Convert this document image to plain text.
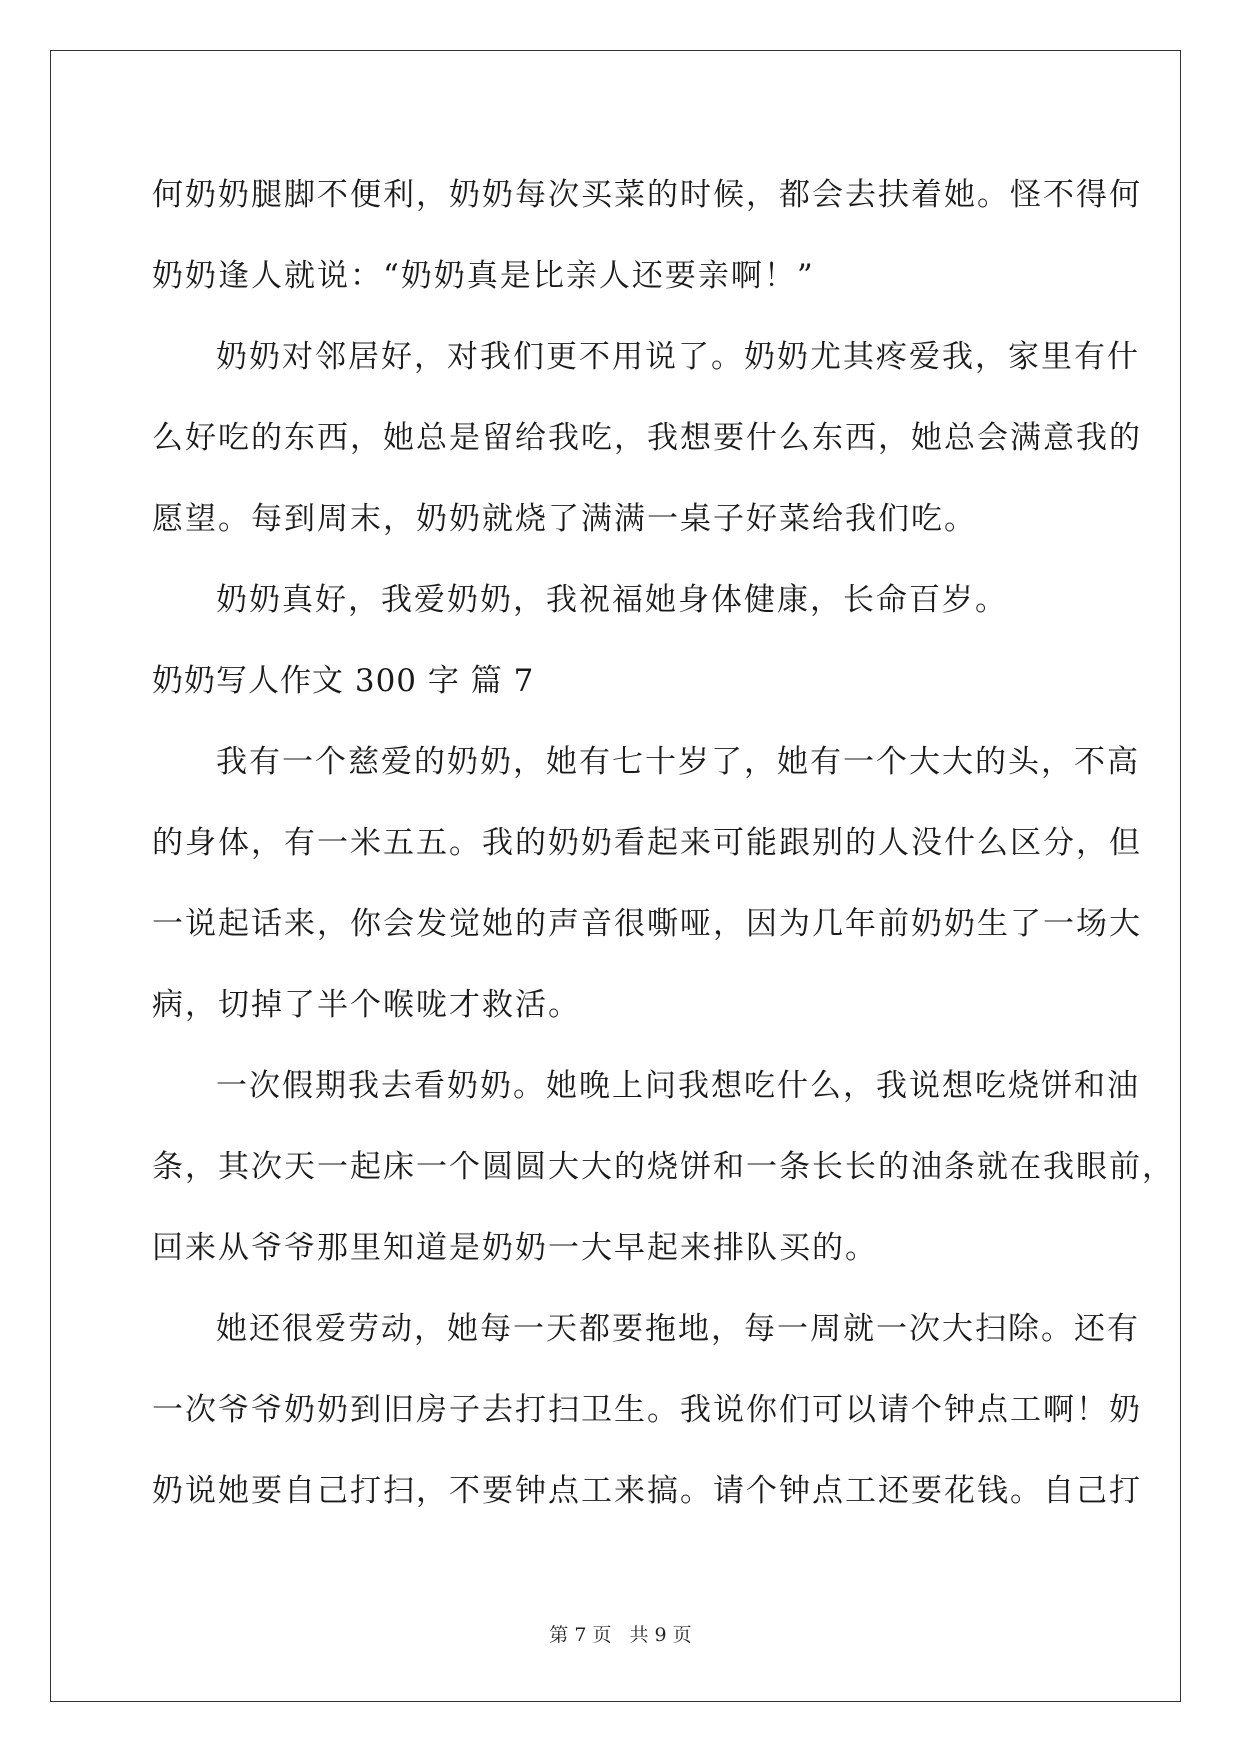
何奶奶腿脚不便利，奶奶每次买菜的时候，都会去扶着她。怪不得何
奶奶逢人就说：“奶奶真是比亲人还要亲啊！”
奶奶对邻居好，对我们更不用说了。奶奶尤其疼爱我，家里有什
么好吃的东西，她总是留给我吃，我想要什么东西，她总会满意我的
愿望。每到周末，奶奶就烧了满满一桌子好菜给我们吃。
奶奶真好，我爱奶奶，我祝福她身体健康，长命百岁。
奶奶写人作文 300 字 篇 7
我有一个慈爱的奶奶，她有七十岁了，她有一个大大的头，不高
的身体，有一米五五。我的奶奶看起来可能跟别的人没什么区分，但
一说起话来，你会发觉她的声音很嘶哑，因为几年前奶奶生了一场大
病，切掉了半个喉咙才救活。
一次假期我去看奶奶。她晚上问我想吃什么，我说想吃烧饼和油
条，其次天一起床一个圆圆大大的烧饼和一条长长的油条就在我眼前，
回来从爷爷那里知道是奶奶一大早起来排队买的。
她还很爱劳动，她每一天都要拖地，每一周就一次大扫除。还有
一次爷爷奶奶到旧房子去打扫卫生。我说你们可以请个钟点工啊！奶
奶说她要自己打扫，不要钟点工来搞。请个钟点工还要花钱。自己打
第 7 页 共 9 页
